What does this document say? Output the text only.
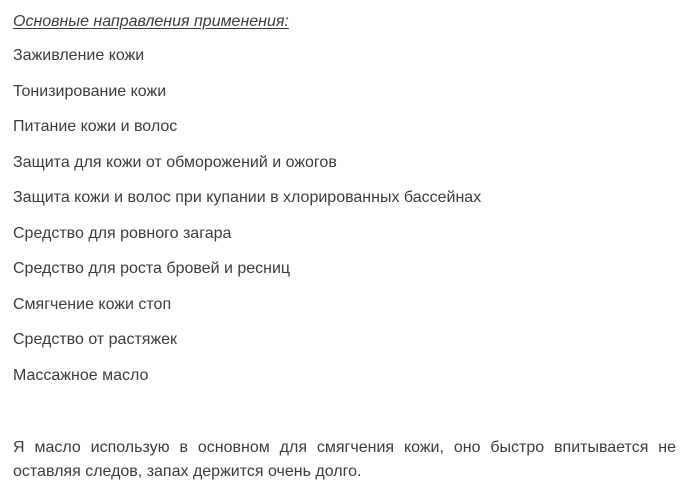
Основные направления применения:
Заживление кожи
Тонизирование кожи
Питание кожи и волос
Защита для кожи от обморожений и ожогов
Защита кожи и волос при купании в хлорированных бассейнах
Средство для ровного загара
Средство для роста бровей и ресниц
Смягчение кожи стоп
Средство от растяжек
Массажное масло

Я масло использую в основном для смягчения кожи, оно быстро впитывается не оставляя следов, запах держится очень долго.
